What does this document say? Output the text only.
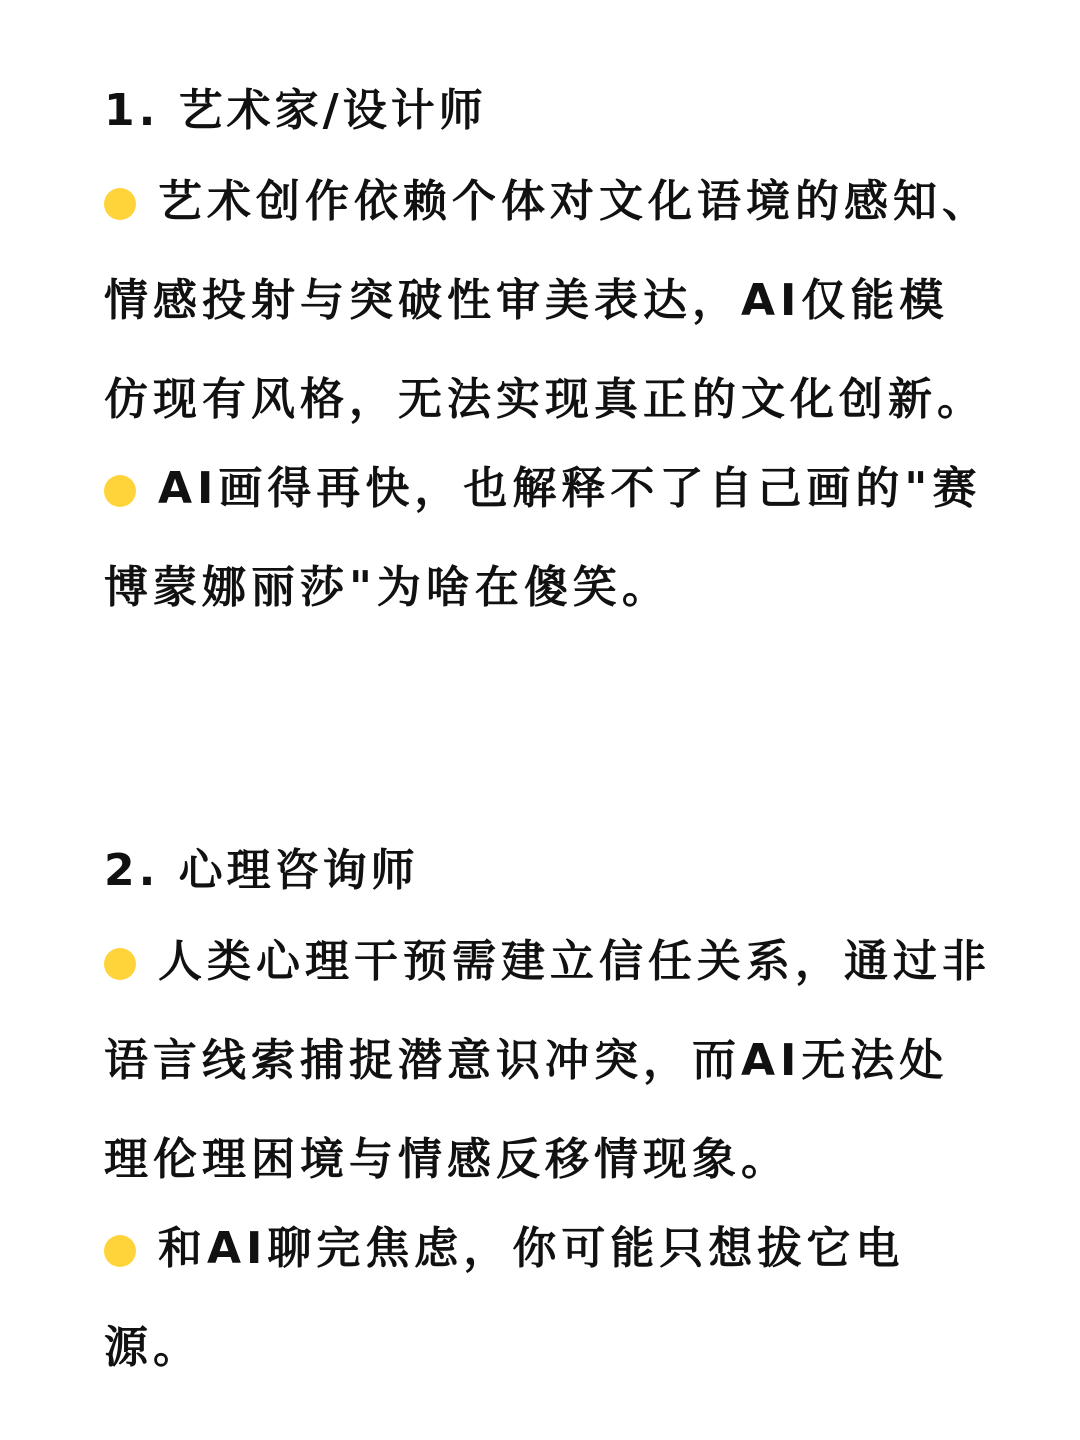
1. 艺术家/设计师
艺术创作依赖个体对文化语境的感知、情感投射与突破性审美表达，AI仅能模仿现有风格，无法实现真正的文化创新。
AI画得再快，也解释不了自己画的"赛博蒙娜丽莎"为啥在傻笑。
2. 心理咨询师
人类心理干预需建立信任关系，通过非语言线索捕捉潜意识冲突，而AI无法处理伦理困境与情感反移情现象。
和AI聊完焦虑，你可能只想拔它电源。
